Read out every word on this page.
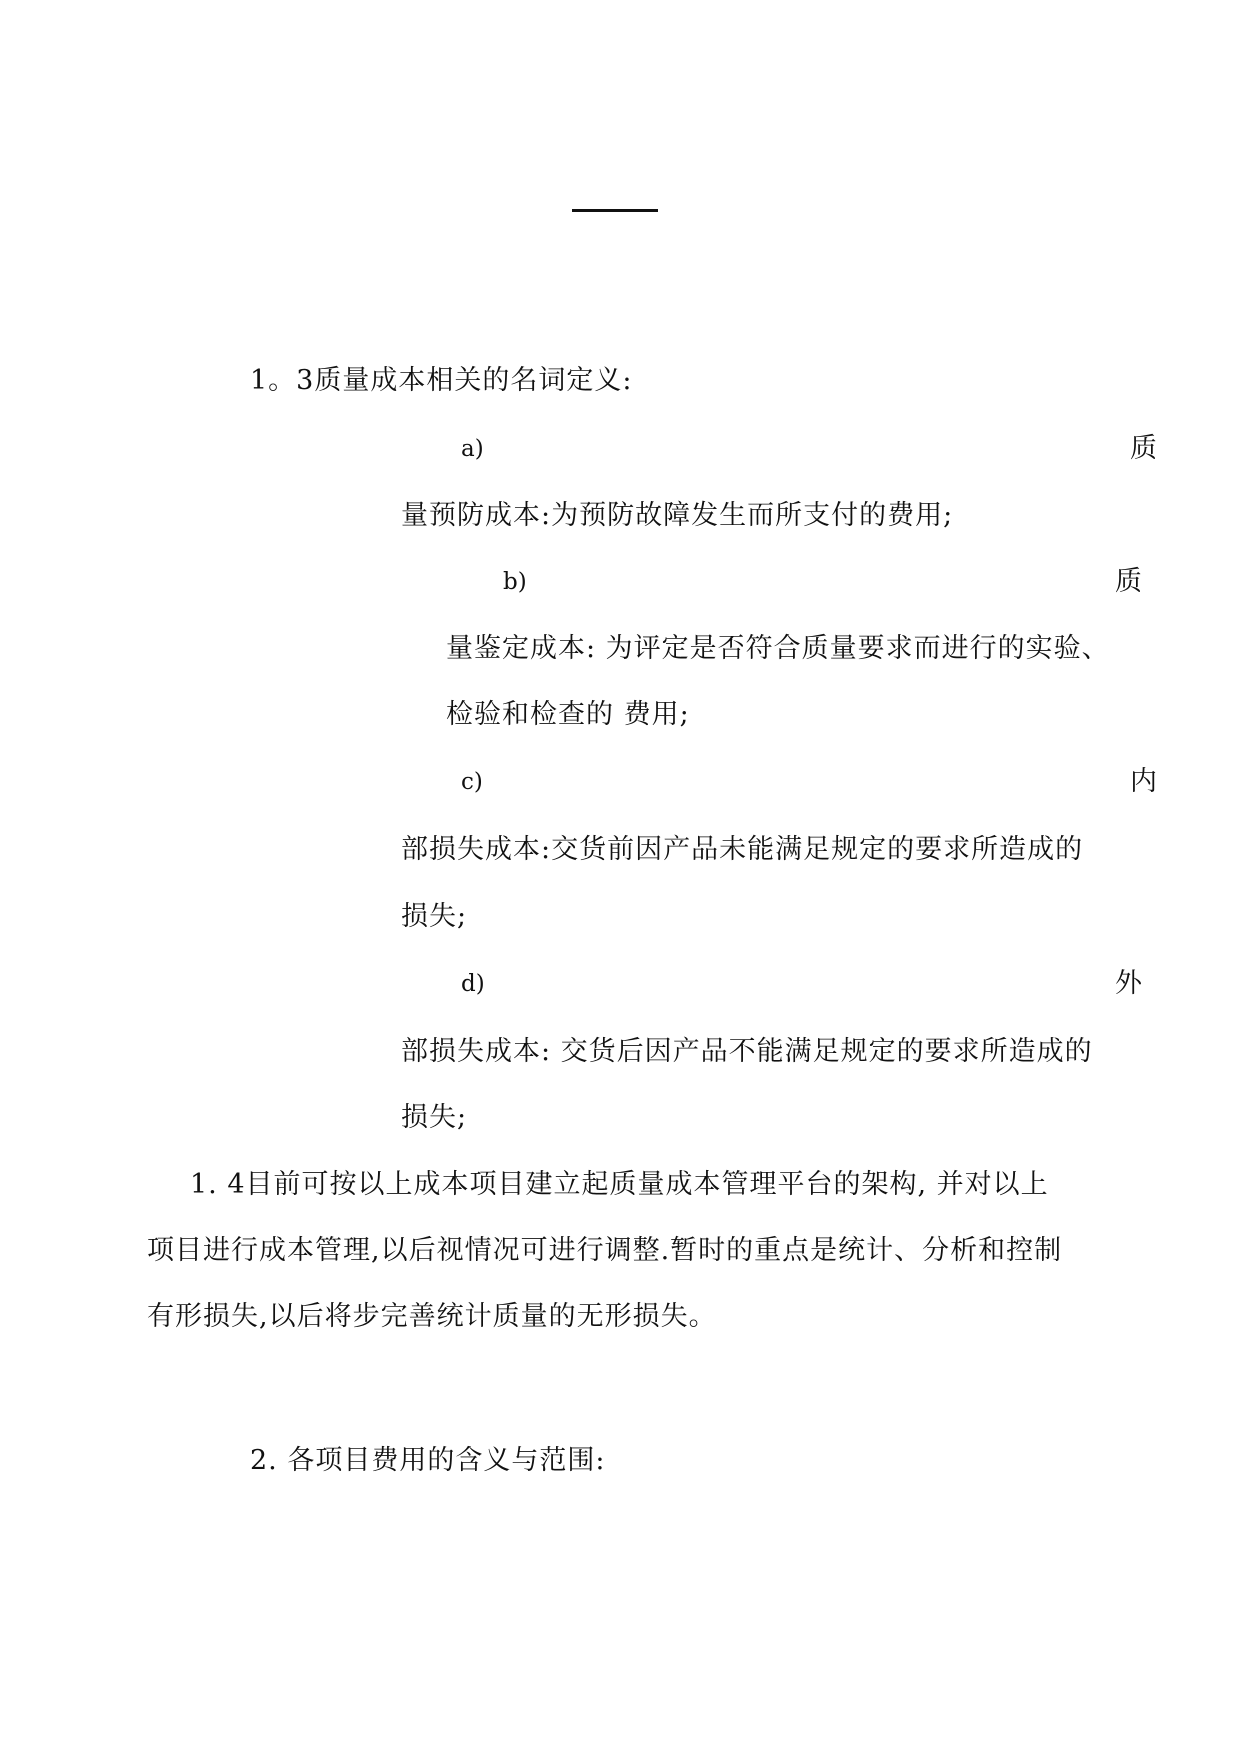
1。3质量成本相关的名词定义:
a)	质
量预防成本:为预防故障发生而所支付的费用;
b)	质
量鉴定成本: 为评定是否符合质量要求而进行的实验、
检验和检查的 费用;
c)	内
部损失成本:交货前因产品未能满足规定的要求所造成的
损失;
d)	外
部损失成本: 交货后因产品不能满足规定的要求所造成的
损失;
1. 4目前可按以上成本项目建立起质量成本管理平台的架构, 并对以上
项目进行成本管理,以后视情况可进行调整.暂时的重点是统计、分析和控制
有形损失,以后将步完善统计质量的无形损失。
2. 各项目费用的含义与范围:
